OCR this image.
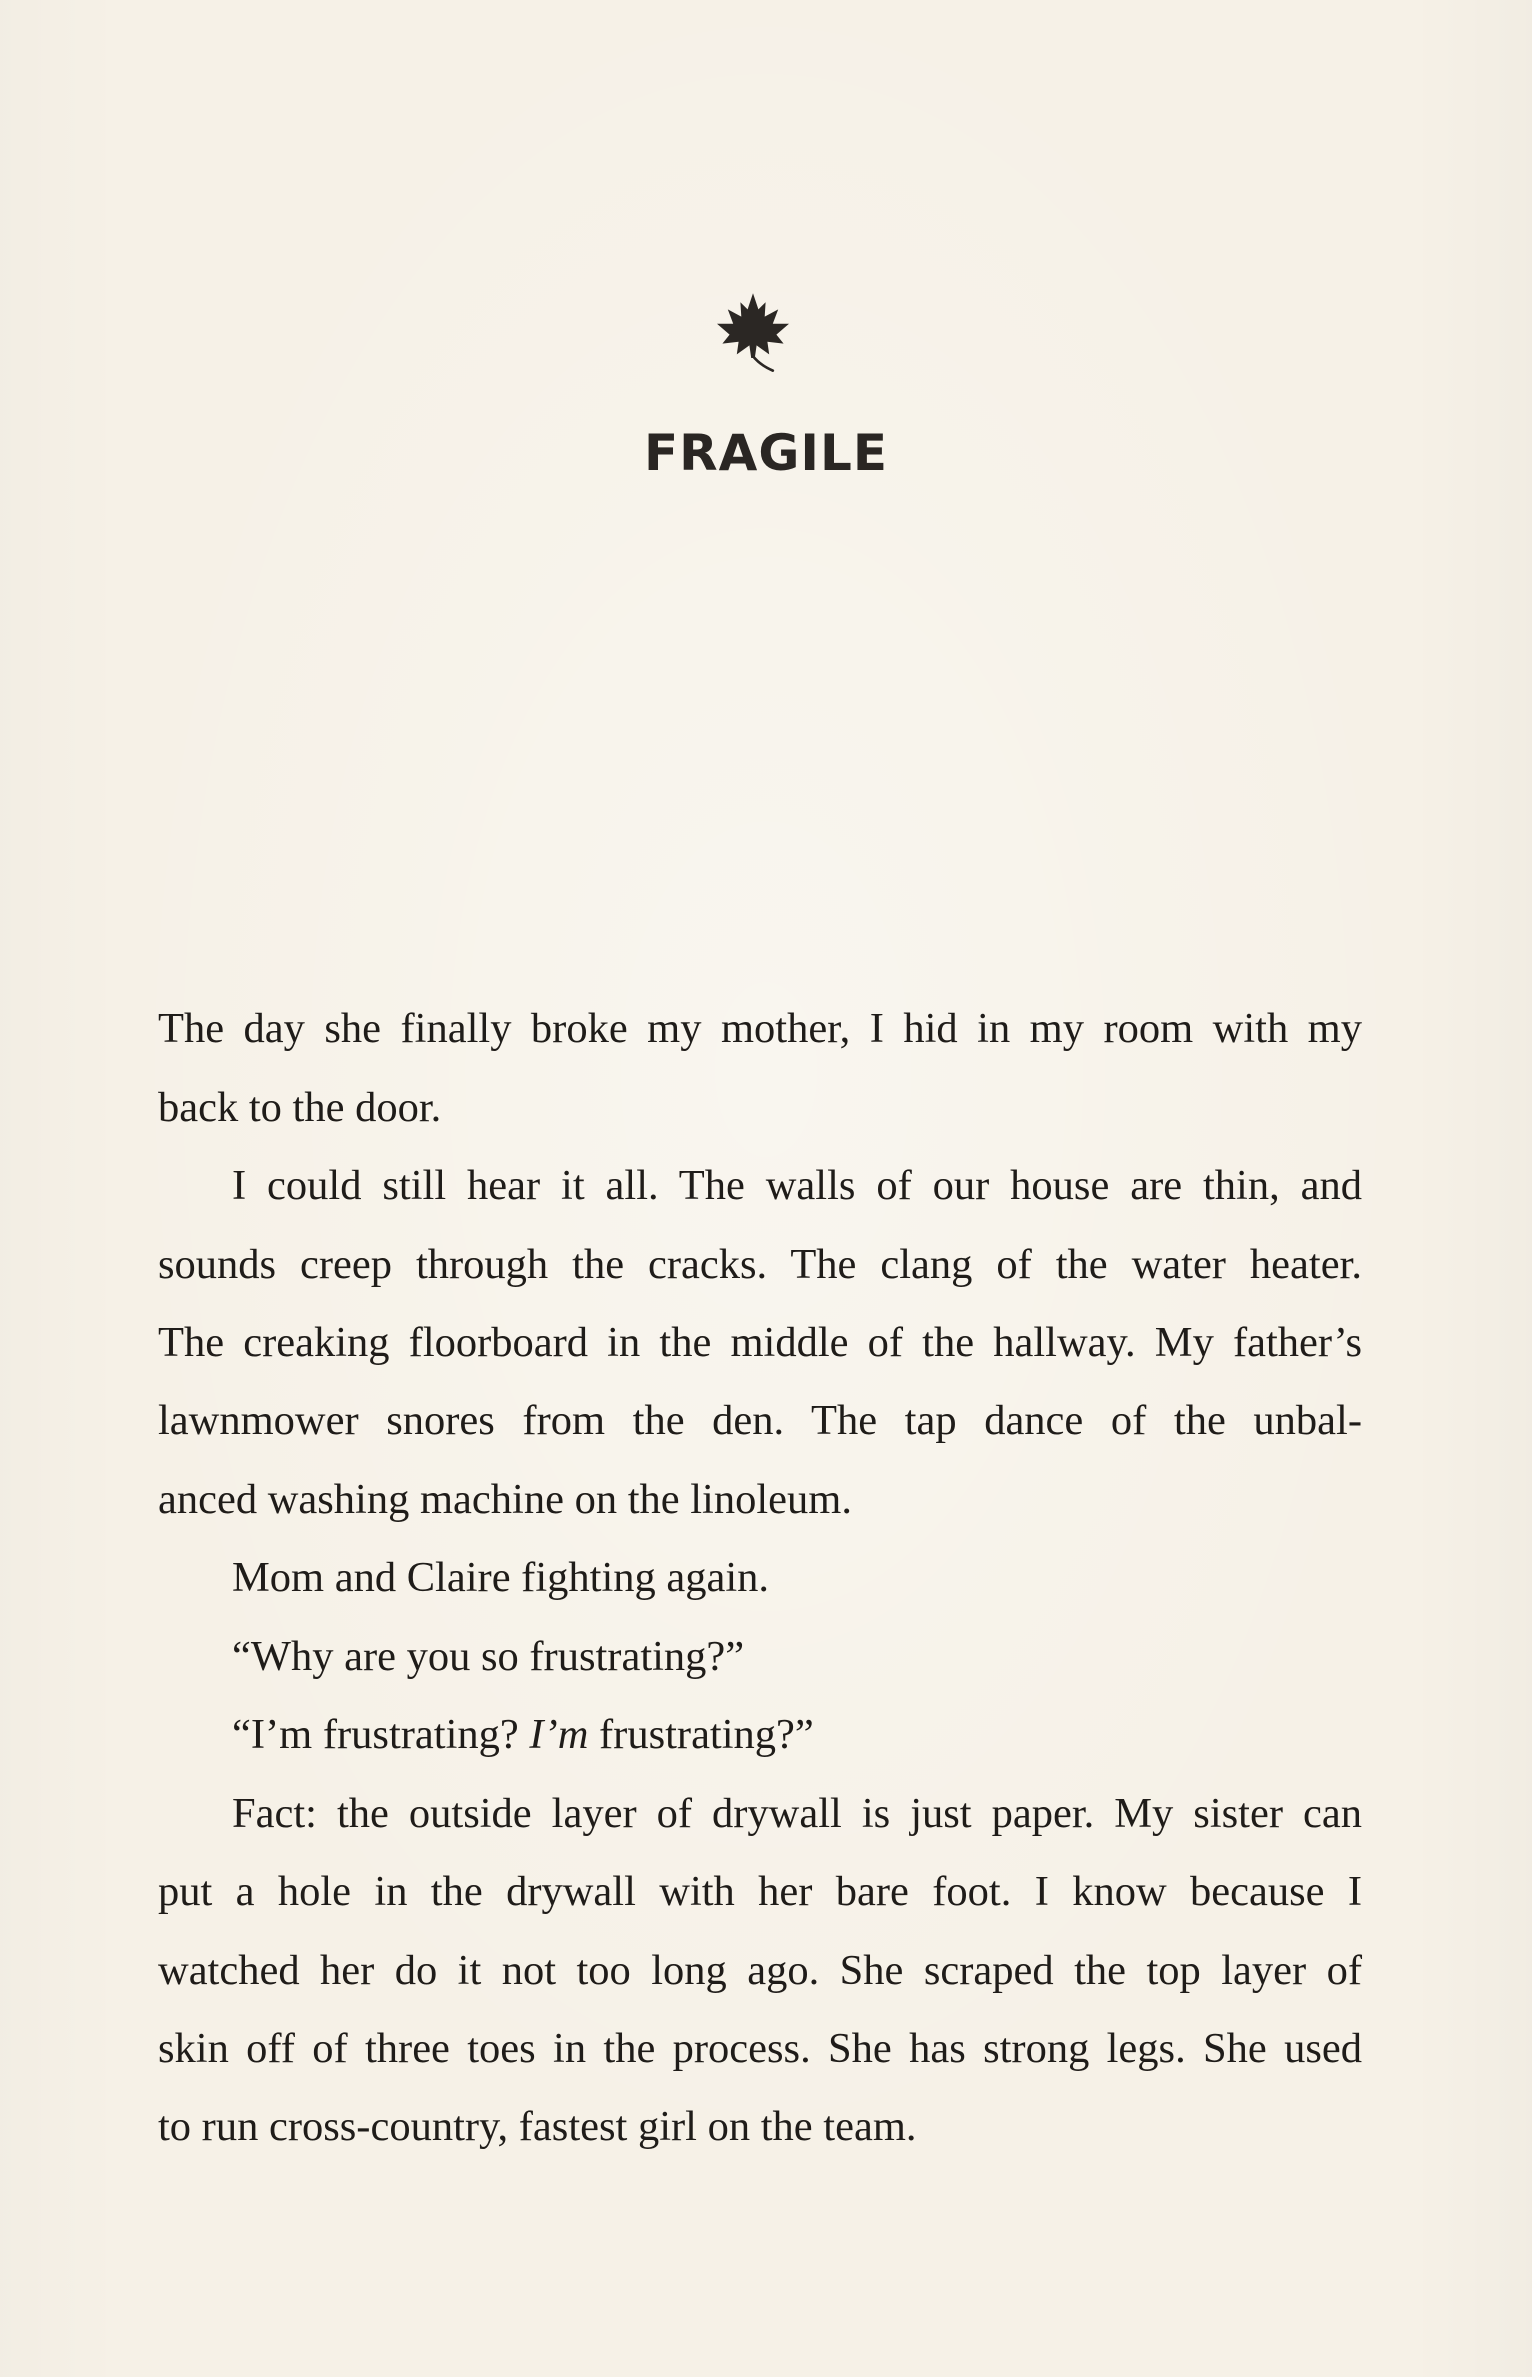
FRAGILE
The day she finally broke my mother, I hid in my room with my
back to the door.
I could still hear it all. The walls of our house are thin, and
sounds creep through the cracks. The clang of the water heater.
The creaking floorboard in the middle of the hallway. My father’s
lawnmower snores from the den. The tap dance of the unbal-
anced washing machine on the linoleum.
Mom and Claire fighting again.
“Why are you so frustrating?”
“I’m frustrating? I’m frustrating?”
Fact: the outside layer of drywall is just paper. My sister can
put a hole in the drywall with her bare foot. I know because I
watched her do it not too long ago. She scraped the top layer of
skin off of three toes in the process. She has strong legs. She used
to run cross-country, fastest girl on the team.
